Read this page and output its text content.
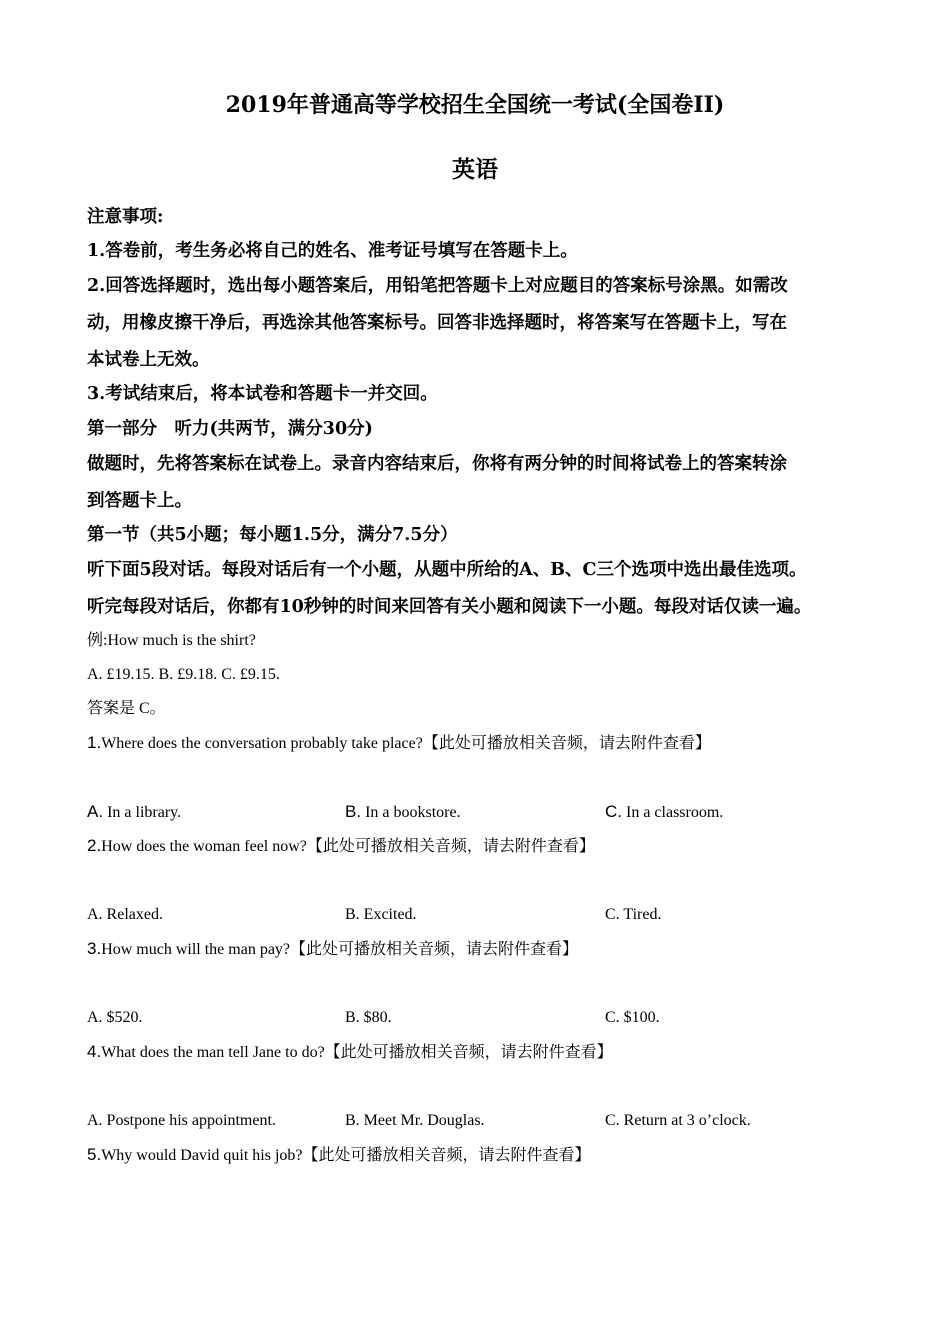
2019年普通高等学校招生全国统一考试(全国卷II)
英语
注意事项:
1.答卷前，考生务必将自己的姓名、准考证号填写在答题卡上。
2.回答选择题时，选出每小题答案后，用铅笔把答题卡上对应题目的答案标号涂黑。如需改
动，用橡皮擦干净后，再选涂其他答案标号。回答非选择题时，将答案写在答题卡上，写在
本试卷上无效。
3.考试结束后，将本试卷和答题卡一并交回。
第一部分　听力(共两节，满分30分)
做题时，先将答案标在试卷上。录音内容结束后，你将有两分钟的时间将试卷上的答案转涂
到答题卡上。
第一节（共5小题；每小题1.5分，满分7.5分）
听下面5段对话。每段对话后有一个小题，从题中所给的A、B、C三个选项中选出最佳选项。
听完每段对话后，你都有10秒钟的时间来回答有关小题和阅读下一小题。每段对话仅读一遍。
例:How much is the shirt?
A. £19.15. B. £9.18. C. £9.15.
答案是 C。
1.Where does the conversation probably take place?【此处可播放相关音频，请去附件查看】
A. In a library.	B. In a bookstore.	C. In a classroom.
2.How does the woman feel now?【此处可播放相关音频，请去附件查看】
A. Relaxed.	B. Excited.	C. Tired.
3.How much will the man pay?【此处可播放相关音频，请去附件查看】
A. $520.	B. $80.	C. $100.
4.What does the man tell Jane to do?【此处可播放相关音频，请去附件查看】
A. Postpone his appointment.	B. Meet Mr. Douglas.	C. Return at 3 o’clock.
5.Why would David quit his job?【此处可播放相关音频，请去附件查看】
